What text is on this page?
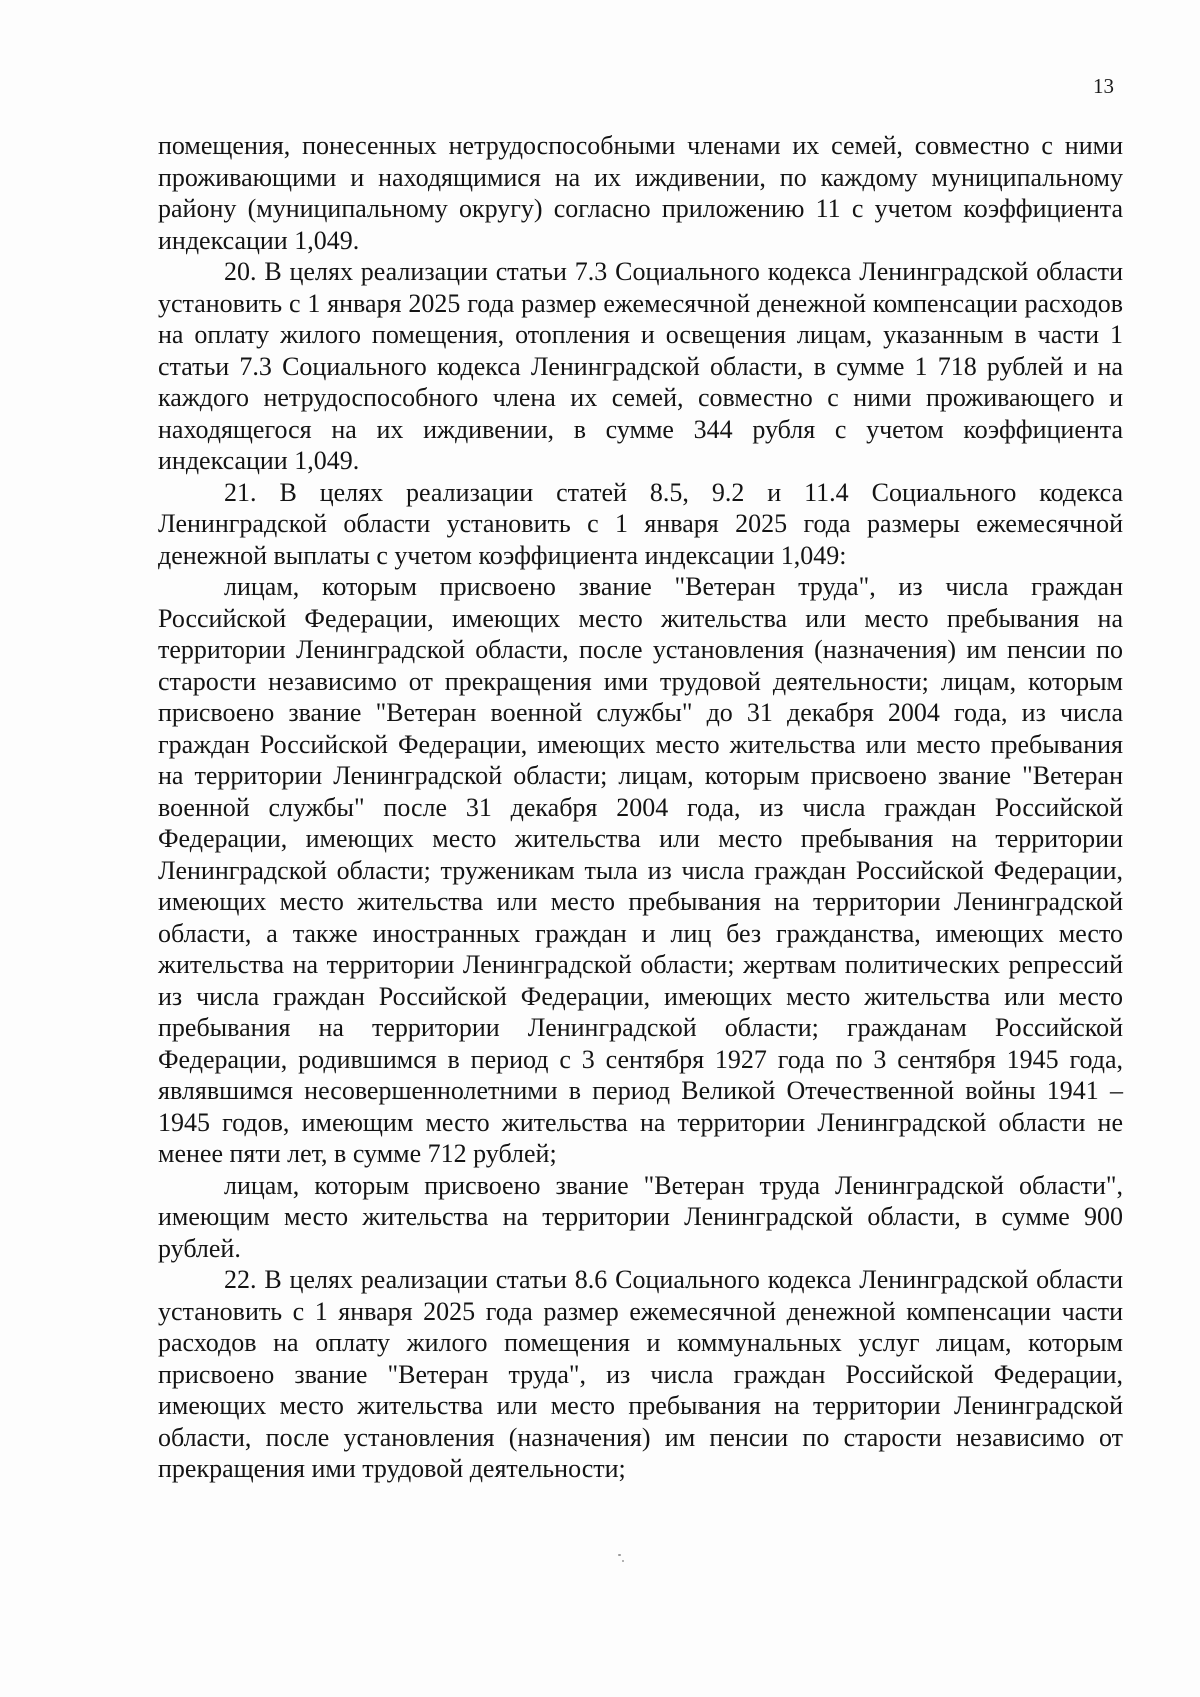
13

помещения, понесенных нетрудоспособными членами их семей, совместно с ними проживающими и находящимися на их иждивении, по каждому муниципальному району (муниципальному округу) согласно приложению 11 с учетом коэффициента индексации 1,049.

20. В целях реализации статьи 7.3 Социального кодекса Ленинградской области установить с 1 января 2025 года размер ежемесячной денежной компенсации расходов на оплату жилого помещения, отопления и освещения лицам, указанным в части 1 статьи 7.3 Социального кодекса Ленинградской области, в сумме 1 718 рублей и на каждого нетрудоспособного члена их семей, совместно с ними проживающего и находящегося на их иждивении, в сумме 344 рубля с учетом коэффициента индексации 1,049.

21. В целях реализации статей 8.5, 9.2 и 11.4 Социального кодекса Ленинградской области установить с 1 января 2025 года размеры ежемесячной денежной выплаты с учетом коэффициента индексации 1,049:

лицам, которым присвоено звание "Ветеран труда", из числа граждан Российской Федерации, имеющих место жительства или место пребывания на территории Ленинградской области, после установления (назначения) им пенсии по старости независимо от прекращения ими трудовой деятельности; лицам, которым присвоено звание "Ветеран военной службы" до 31 декабря 2004 года, из числа граждан Российской Федерации, имеющих место жительства или место пребывания на территории Ленинградской области; лицам, которым присвоено звание "Ветеран военной службы" после 31 декабря 2004 года, из числа граждан Российской Федерации, имеющих место жительства или место пребывания на территории Ленинградской области; труженикам тыла из числа граждан Российской Федерации, имеющих место жительства или место пребывания на территории Ленинградской области, а также иностранных граждан и лиц без гражданства, имеющих место жительства на территории Ленинградской области; жертвам политических репрессий из числа граждан Российской Федерации, имеющих место жительства или место пребывания на территории Ленинградской области; гражданам Российской Федерации, родившимся в период с 3 сентября 1927 года по 3 сентября 1945 года, являвшимся несовершеннолетними в период Великой Отечественной войны 1941 – 1945 годов, имеющим место жительства на территории Ленинградской области не менее пяти лет, в сумме 712 рублей;

лицам, которым присвоено звание "Ветеран труда Ленинградской области", имеющим место жительства на территории Ленинградской области, в сумме 900 рублей.

22. В целях реализации статьи 8.6 Социального кодекса Ленинградской области установить с 1 января 2025 года размер ежемесячной денежной компенсации части расходов на оплату жилого помещения и коммунальных услуг лицам, которым присвоено звание "Ветеран труда", из числа граждан Российской Федерации, имеющих место жительства или место пребывания на территории Ленинградской области, после установления (назначения) им пенсии по старости независимо от прекращения ими трудовой деятельности;
